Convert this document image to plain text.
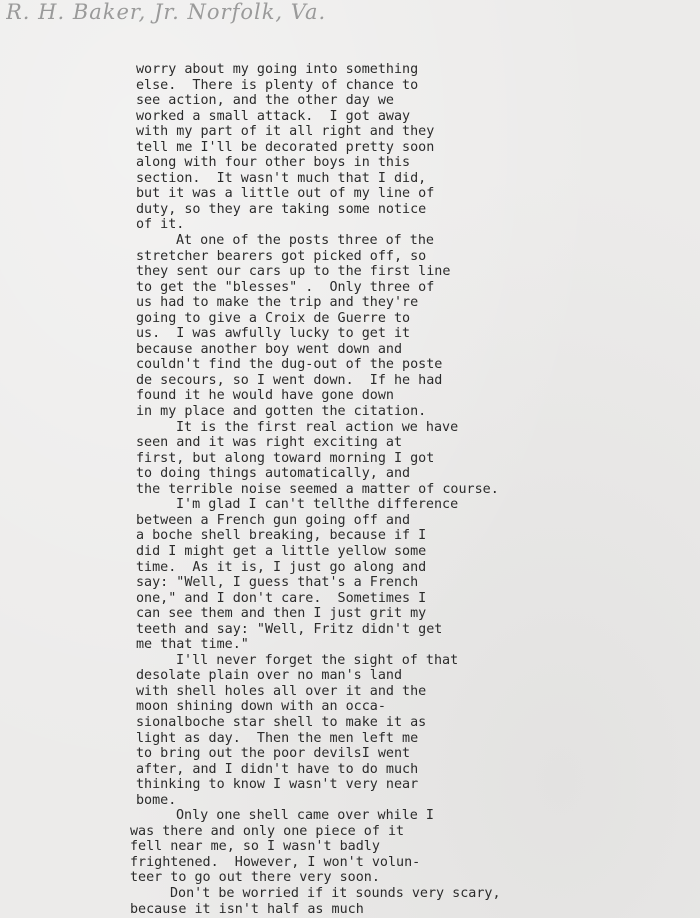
R. H. Baker, Jr. Norfolk, Va.
worry about my going into something
else.  There is plenty of chance to
see action, and the other day we
worked a small attack.  I got away
with my part of it all right and they
tell me I'll be decorated pretty soon
along with four other boys in this
section.  It wasn't much that I did,
but it was a little out of my line of
duty, so they are taking some notice
of it.
At one of the posts three of the
stretcher bearers got picked off, so
they sent our cars up to the first line
to get the "blesses" .  Only three of
us had to make the trip and they're
going to give a Croix de Guerre to
us.  I was awfully lucky to get it
because another boy went down and
couldn't find the dug-out of the poste
de secours, so I went down.  If he had
found it he would have gone down
in my place and gotten the citation.
It is the first real action we have
seen and it was right exciting at
first, but along toward morning I got
to doing things automatically, and
the terrible noise seemed a matter of course.
I'm glad I can't tellthe difference
between a French gun going off and
a boche shell breaking, because if I
did I might get a little yellow some
time.  As it is, I just go along and
say: "Well, I guess that's a French
one," and I don't care.  Sometimes I
can see them and then I just grit my
teeth and say: "Well, Fritz didn't get
me that time."
I'll never forget the sight of that
desolate plain over no man's land
with shell holes all over it and the
moon shining down with an occa-
sionalboche star shell to make it as
light as day.  Then the men left me
to bring out the poor devilsI went
after, and I didn't have to do much
thinking to know I wasn't very near
bome.
Only one shell came over while I
was there and only one piece of it
fell near me, so I wasn't badly
frightened.  However, I won't volun-
teer to go out there very soon.
Don't be worried if it sounds very scary,
because it isn't half as much
